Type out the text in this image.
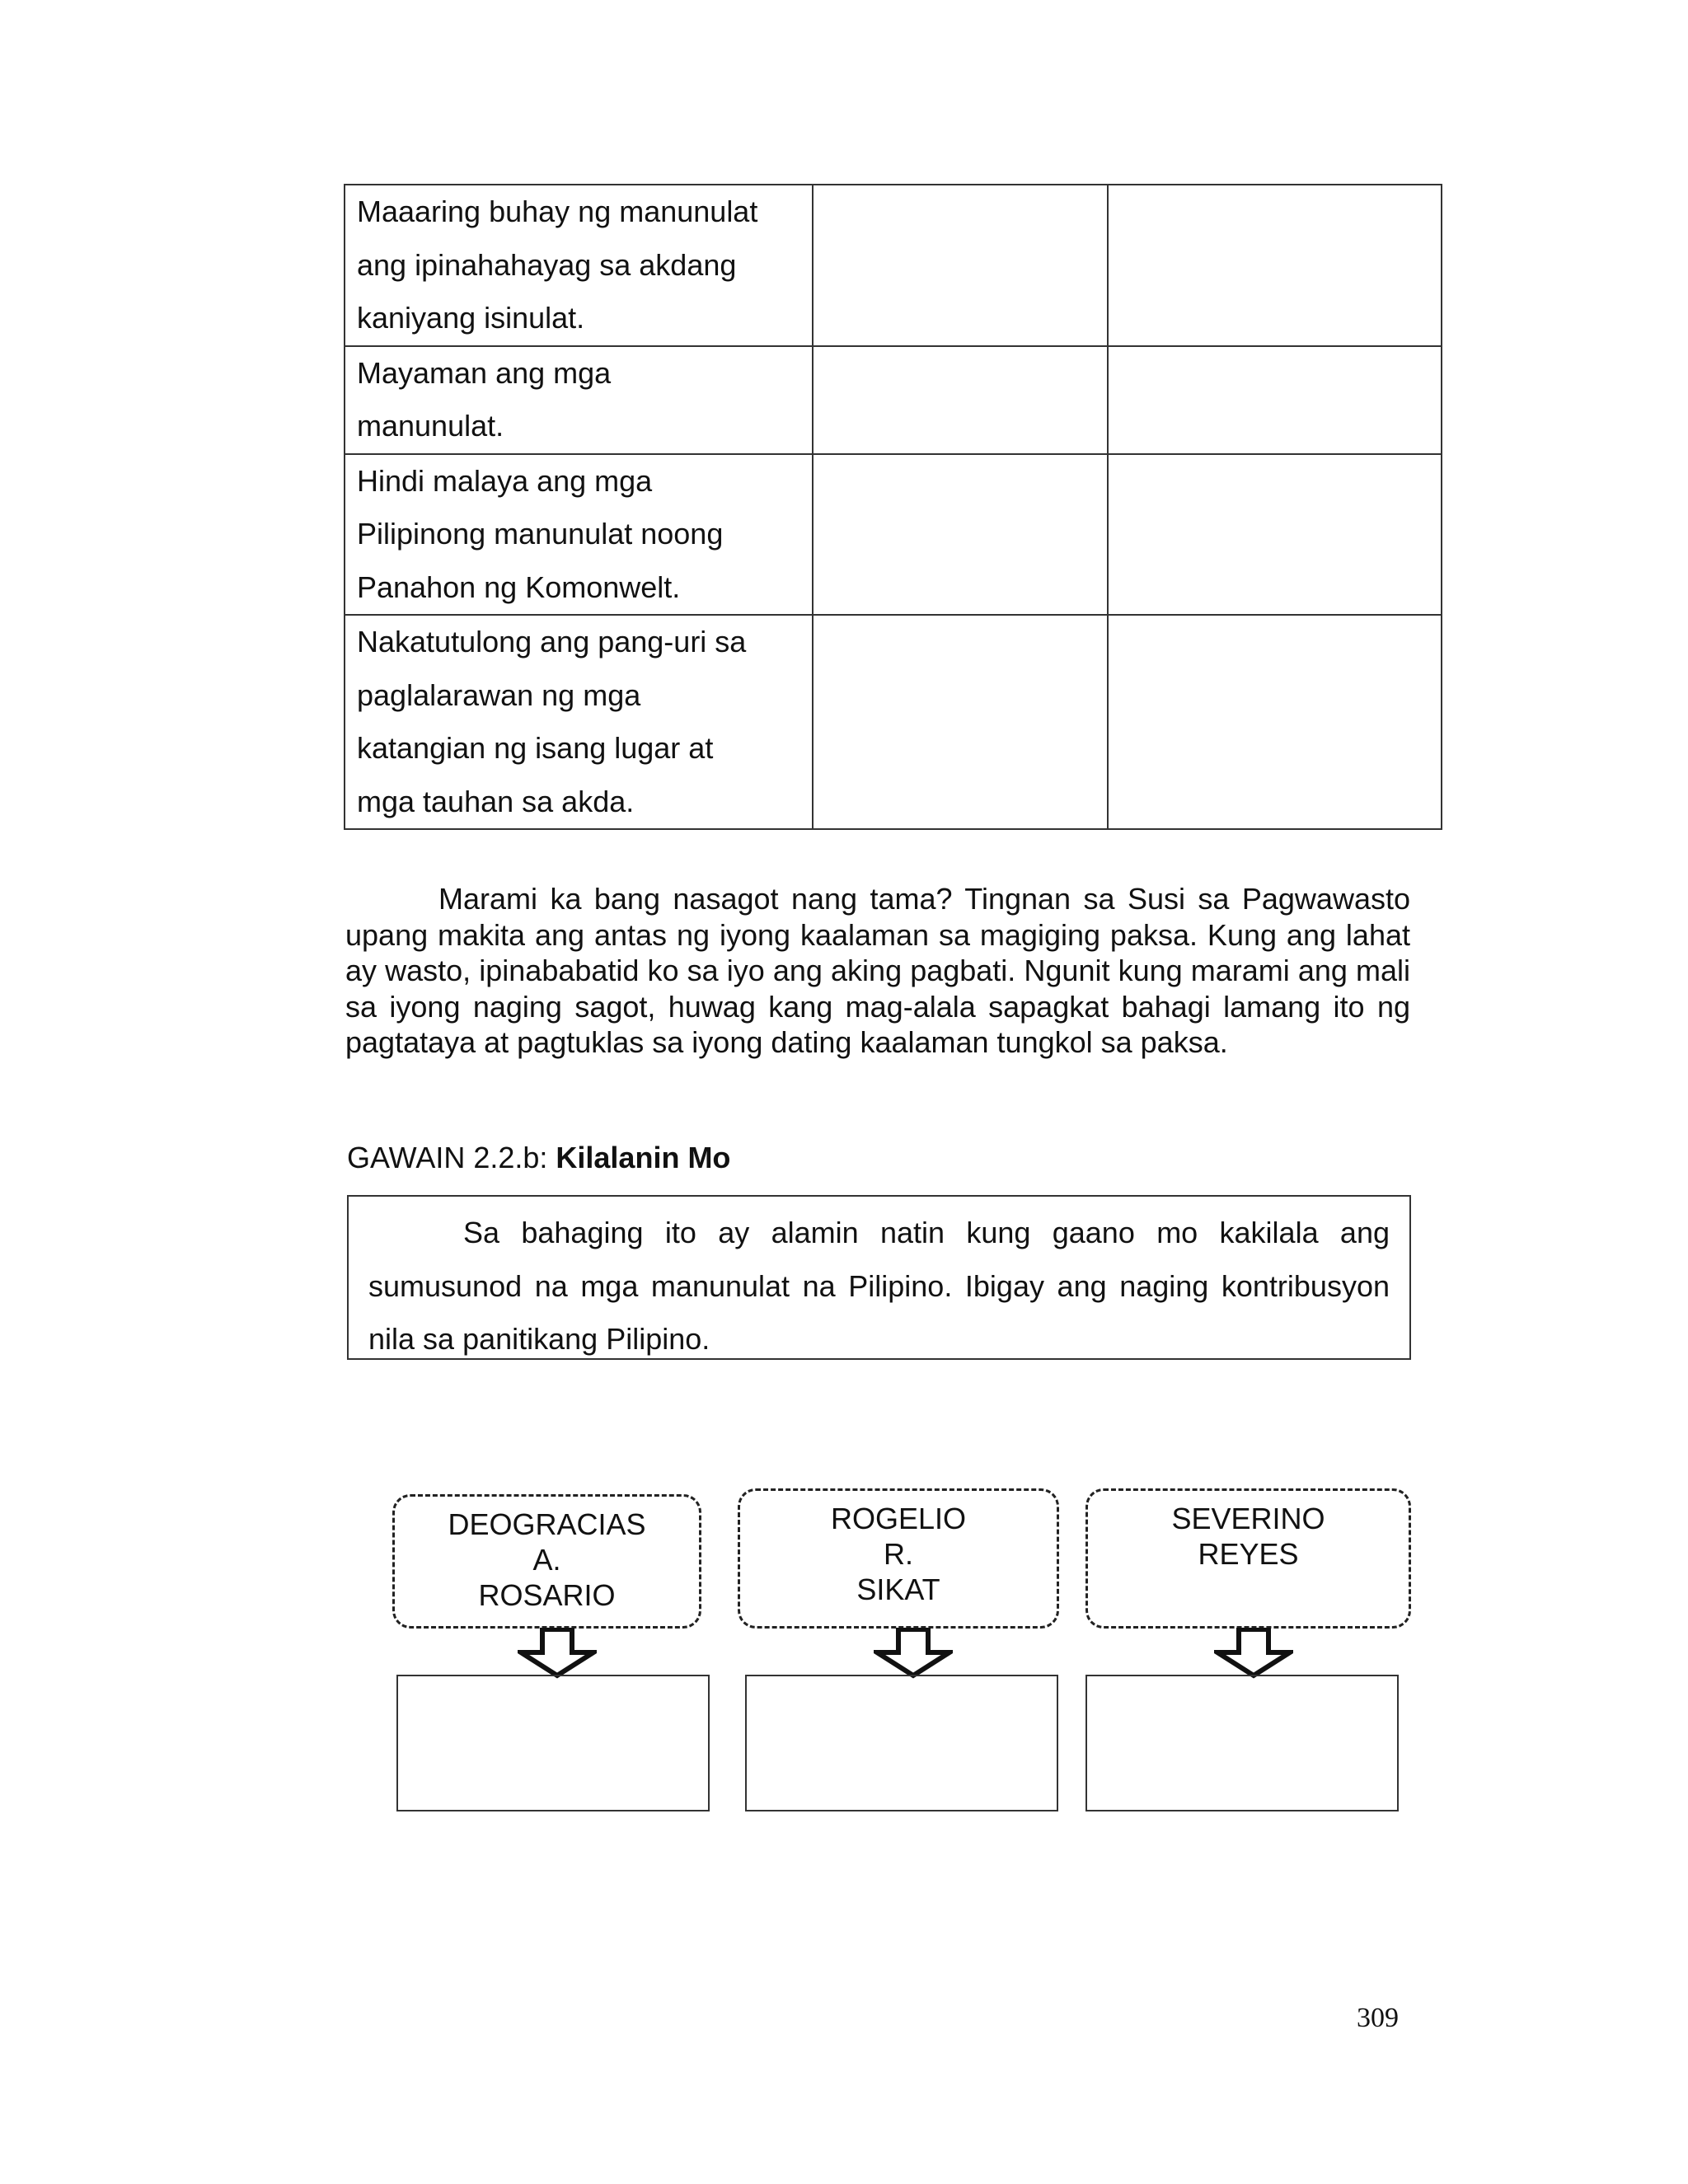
Maaaring buhay ng manunulat
ang ipinahahayag sa akdang
kaniyang isinulat.		

Mayaman ang mga
manunulat.		

Hindi malaya ang mga
Pilipinong manunulat noong
Panahon ng Komonwelt.		

Nakatutulong ang pang-uri sa
paglalarawan ng mga
katangian ng isang lugar at
mga tauhan sa akda.		

Marami ka bang nasagot nang tama? Tingnan sa Susi sa Pagwawasto upang makita ang antas ng iyong kaalaman sa magiging paksa. Kung ang lahat ay wasto, ipinababatid ko sa iyo ang aking pagbati. Ngunit kung marami ang mali sa iyong naging sagot, huwag kang mag-alala sapagkat bahagi lamang ito ng pagtataya at pagtuklas sa iyong dating kaalaman tungkol sa paksa.

GAWAIN 2.2.b: Kilalanin Mo

Sa bahaging ito ay alamin natin kung gaano mo kakilala ang sumusunod na mga manunulat na Pilipino. Ibigay ang naging kontribusyon nila sa panitikang Pilipino.

DEOGRACIAS
A.
ROSARIO
ROGELIO
R.
SIKAT
SEVERINO
REYES

309
